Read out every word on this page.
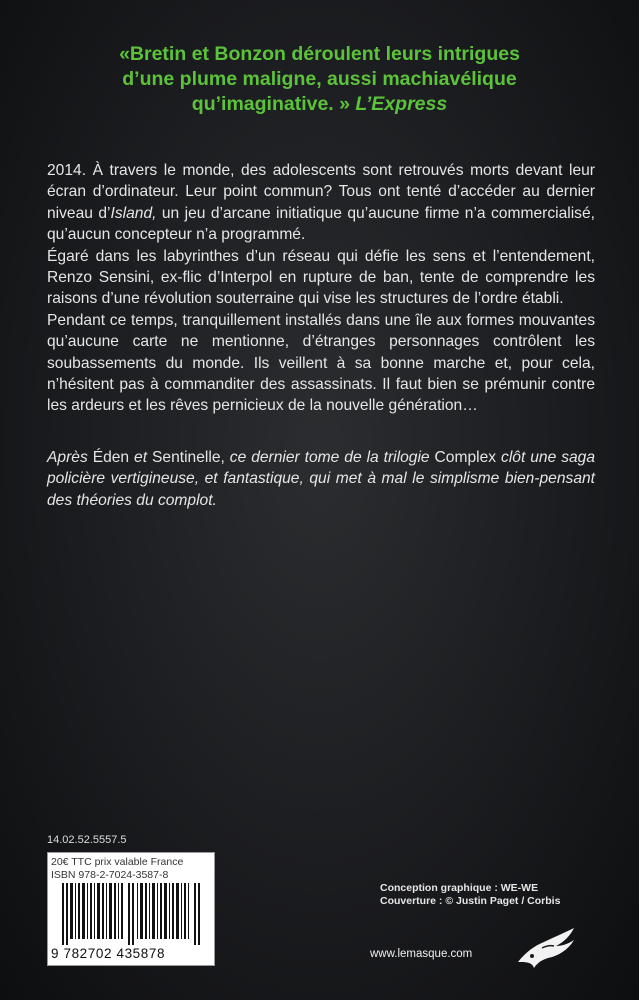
«Bretin et Bonzon déroulent leurs intrigues
d’une plume maligne, aussi machiavélique
qu’imaginative. » L’Express

2014. À travers le monde, des adolescents sont retrouvés morts devant leur écran d’ordinateur. Leur point commun? Tous ont tenté d’accéder au dernier niveau d’Island, un jeu d’arcane initiatique qu’aucune firme n’a commercialisé, qu’aucun concepteur n’a programmé.

Égaré dans les labyrinthes d’un réseau qui défie les sens et l’entendement, Renzo Sensini, ex-flic d’Interpol en rupture de ban, tente de comprendre les raisons d’une révolution souterraine qui vise les structures de l’ordre établi.

Pendant ce temps, tranquillement installés dans une île aux formes mouvantes qu’aucune carte ne mentionne, d’étranges personnages contrôlent les soubassements du monde. Ils veillent à sa bonne marche et, pour cela, n’hésitent pas à commanditer des assassinats. Il faut bien se prémunir contre les ardeurs et les rêves pernicieux de la nouvelle génération…

Après Éden et Sentinelle, ce dernier tome de la trilogie Complex clôt une saga policière vertigineuse, et fantastique, qui met à mal le simplisme bien-pensant des théories du complot.

14.02.52.5557.5
20€ TTC prix valable France
ISBN 978-2-7024-3587-8
9 782702 435878
Conception graphique : WE-WE
Couverture : © Justin Paget / Corbis
www.lemasque.com
